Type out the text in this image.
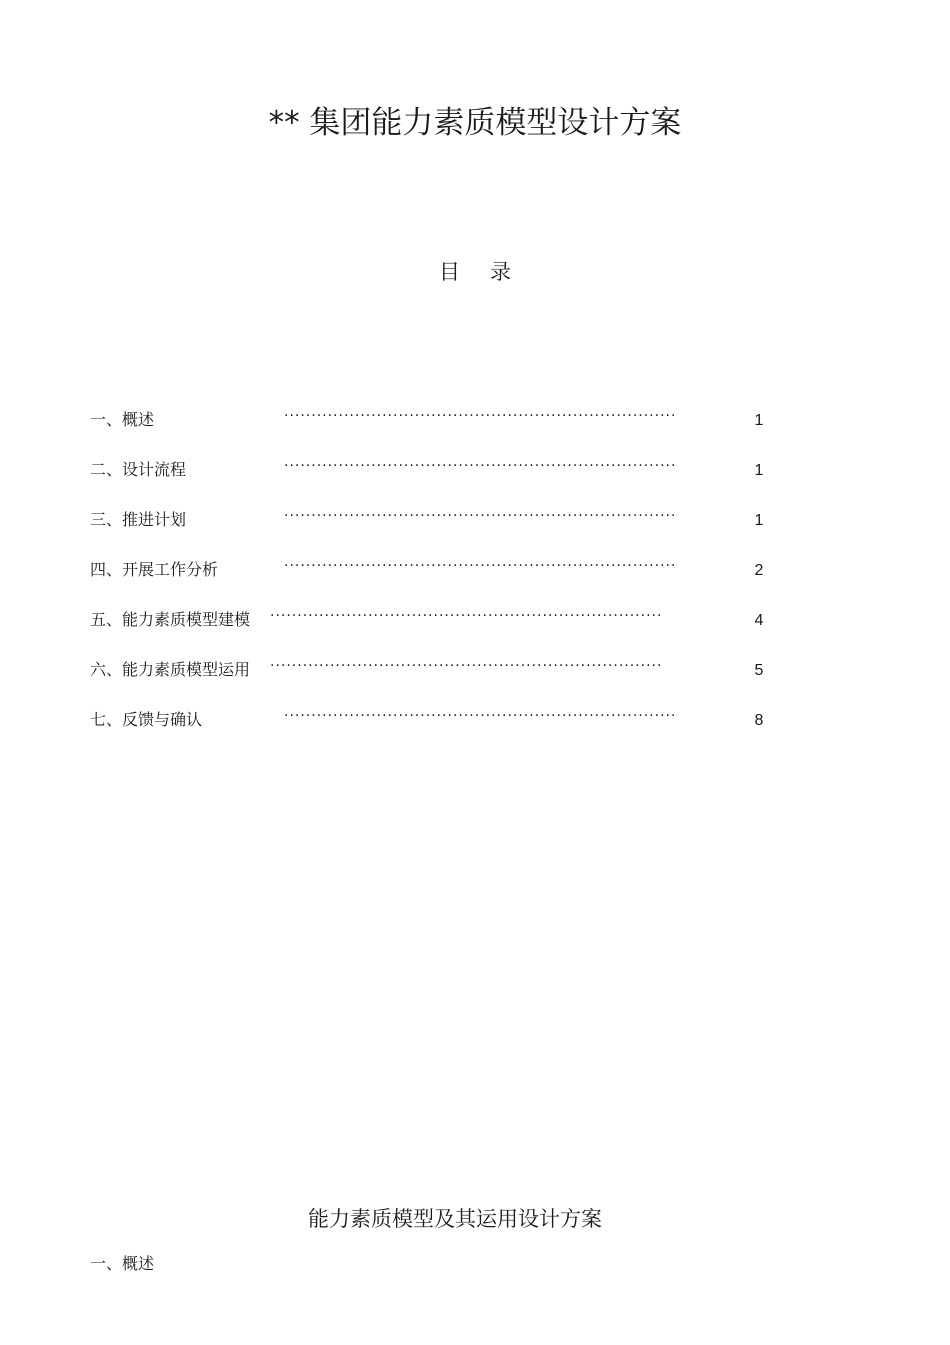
** 集团能力素质模型设计方案
目录
一、概述	········································································	1
二、设计流程	········································································	1
三、推进计划	········································································	1
四、开展工作分析	········································································	2
五、能力素质模型建模 ········································································	4
六、能力素质模型运用 ········································································	5
七、反馈与确认	········································································	8
能力素质模型及其运用设计方案
一、概述
